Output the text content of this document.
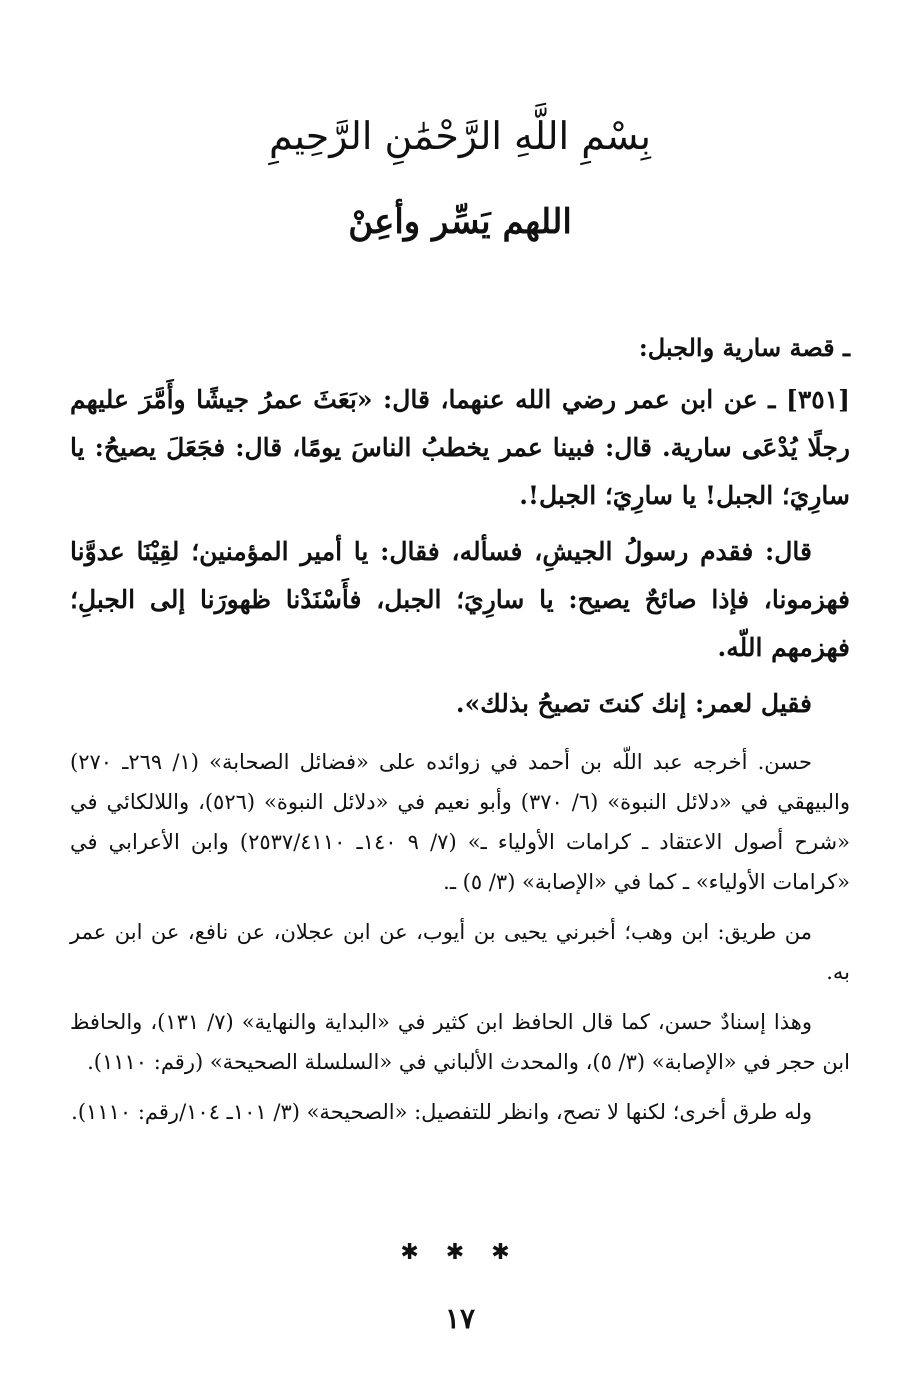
بِسْمِ اللَّهِ الرَّحْمَٰنِ الرَّحِيمِ
اللهم يَسِّر وأعِنْ
ـ قصة سارية والجبل:

[٣٥١] ـ عن ابن عمر رضي الله عنهما، قال: «بَعَثَ عمرُ جيشًا وأَمَّرَ عليهم رجلًا يُدْعَى سارية. قال: فبينا عمر يخطبُ الناسَ يومًا، قال: فجَعَلَ يصيحُ: يا سارِيَ؛ الجبل! يا سارِيَ؛ الجبل!.

قال: فقدم رسولُ الجيشِ، فسأله، فقال: يا أمير المؤمنين؛ لقِيْنَا عدوَّنا فهزمونا، فإذا صائحٌ يصيح: يا سارِيَ؛ الجبل، فأَسْنَدْنا ظهورَنا إلى الجبلِ؛ فهزمهم اللّه.

فقيل لعمر: إنك كنتَ تصيحُ بذلك».

حسن. أخرجه عبد اللّه بن أحمد في زوائده على «فضائل الصحابة» (١/ ٢٦٩ـ ٢٧٠) والبيهقي في «دلائل النبوة» (٦/ ٣٧٠) وأبو نعيم في «دلائل النبوة» (٥٢٦)، واللالكائي في «شرح أصول الاعتقاد ـ كرامات الأولياء ـ» (٧/ ٩ ١٤٠ـ ٢٥٣٧/٤١١٠) وابن الأعرابي في «كرامات الأولياء» ـ كما في «الإصابة» (٣/ ٥) ـ.

من طريق: ابن وهب؛ أخبرني يحيى بن أيوب، عن ابن عجلان، عن نافع، عن ابن عمر به.

وهذا إسنادٌ حسن، كما قال الحافظ ابن كثير في «البداية والنهاية» (٧/ ١٣١)، والحافظ ابن حجر في «الإصابة» (٣/ ٥)، والمحدث الألباني في «السلسلة الصحيحة» (رقم: ١١١٠).

وله طرق أخرى؛ لكنها لا تصح، وانظر للتفصيل: «الصحيحة» (٣/ ١٠١ـ ١٠٤/رقم: ١١١٠).

✱ ✱ ✱
١٧
